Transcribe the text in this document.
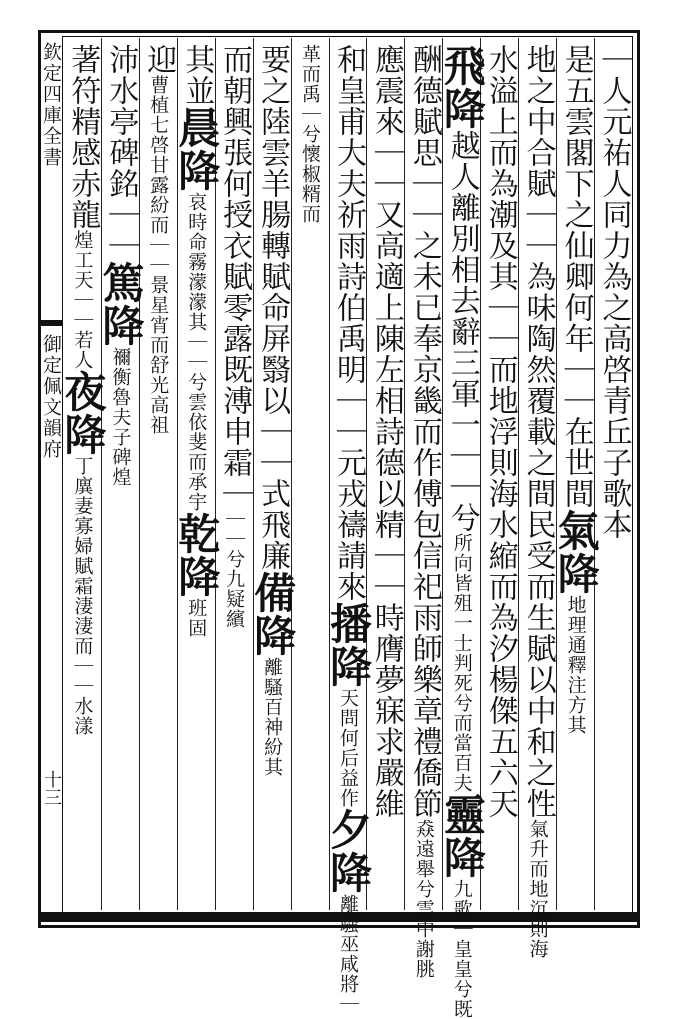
欽定四庫全書
御定佩文韻府
十三
｜人元祐人同力為之高啓青丘子歌本
是五雲閣下之仙卿何年｜｜在世間氣降地理通釋注方其
地之中合賦｜｜為味陶然覆載之間民受而生賦以中和之性氣升而地沉則海
水溢上而為潮及其｜｜而地浮則海水縮而為汐楊傑五六天
飛降越人離別相去辭三軍一｜｜兮所向皆殂一士判死兮而當百夫靈降九歌｜皇皇兮既
酬德賦思｜｜之未已奉京畿而作傅包信祀雨師樂章禮僑節猋遠舉兮雲中謝朓
應震來｜｜又高適上陳左相詩德以精｜｜時膺夢寐求嚴維
和皇甫大夫祈雨詩伯禹明｜｜元戎禱請來播降天問何后益作夕降離騷巫咸將｜
革而禹｜兮懷椒糈而
要之陸雲羊腸轉賦命屏翳以｜｜式飛廉備降離騷百神紛其
而朝興張何授衣賦零露既溥申霜｜｜｜兮九疑繽
其並晨降哀時命霧濛濛其｜｜兮雲依斐而承宇乾降班固
迎曹植七啓甘露紛而｜｜景星宵而舒光高祖
沛水亭碑銘｜｜篤降禰衡魯夫子碑煌
著符精感赤龍煌工天｜｜若人夜降丁廙妻寡婦賦霜淒淒而｜｜水漾
